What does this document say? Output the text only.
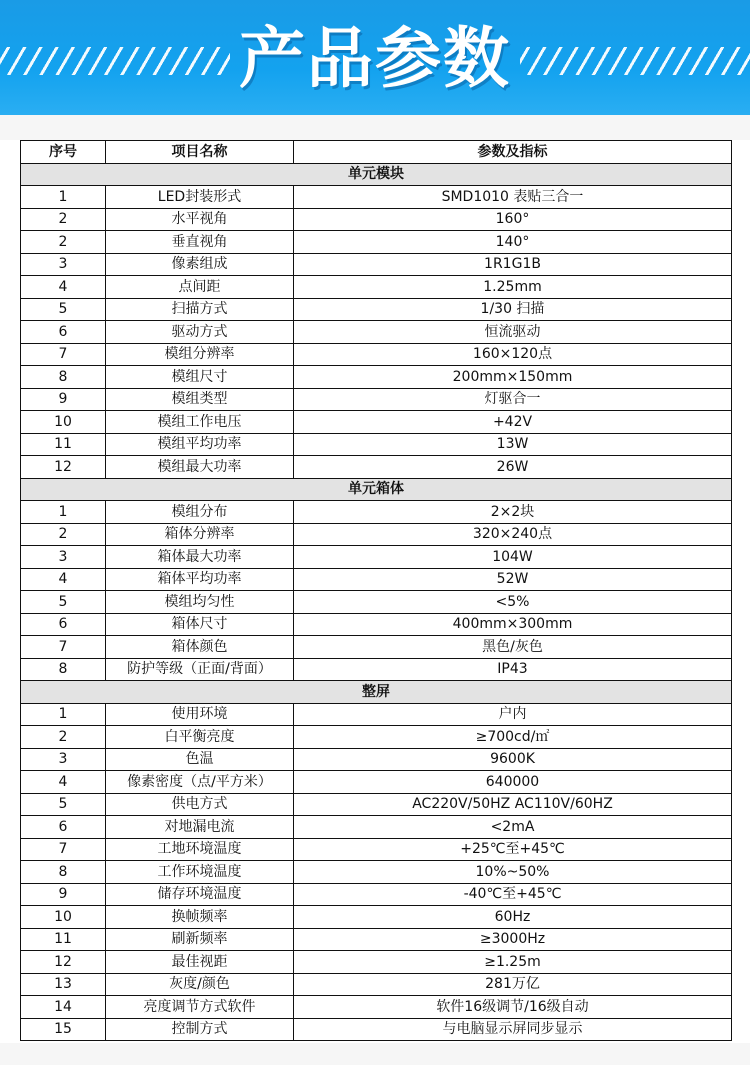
产品参数
序号	项目名称	参数及指标
单元模块		
1	LED封装形式	SMD1010 表贴三合一
2	水平视角	160°
2	垂直视角	140°
3	像素组成	1R1G1B
4	点间距	1.25mm
5	扫描方式	1/30 扫描
6	驱动方式	恒流驱动
7	模组分辨率	160×120点
8	模组尺寸	200mm×150mm
9	模组类型	灯驱合一
10	模组工作电压	+42V
11	模组平均功率	13W
12	模组最大功率	26W
单元箱体		
1	模组分布	2×2块
2	箱体分辨率	320×240点
3	箱体最大功率	104W
4	箱体平均功率	52W
5	模组均匀性	<5%
6	箱体尺寸	400mm×300mm
7	箱体颜色	黑色/灰色
8	防护等级（正面/背面）	IP43
整屏		
1	使用环境	户内
2	白平衡亮度	≥700cd/㎡
3	色温	9600K
4	像素密度（点/平方米）	640000
5	供电方式	AC220V/50HZ AC110V/60HZ
6	对地漏电流	<2mA
7	工地环境温度	+25℃至+45℃
8	工作环境温度	10%~50%
9	储存环境温度	-40℃至+45℃
10	换帧频率	60Hz
11	刷新频率	≥3000Hz
12	最佳视距	≥1.25m
13	灰度/颜色	281万亿
14	亮度调节方式软件	软件16级调节/16级自动
15	控制方式	与电脑显示屏同步显示
